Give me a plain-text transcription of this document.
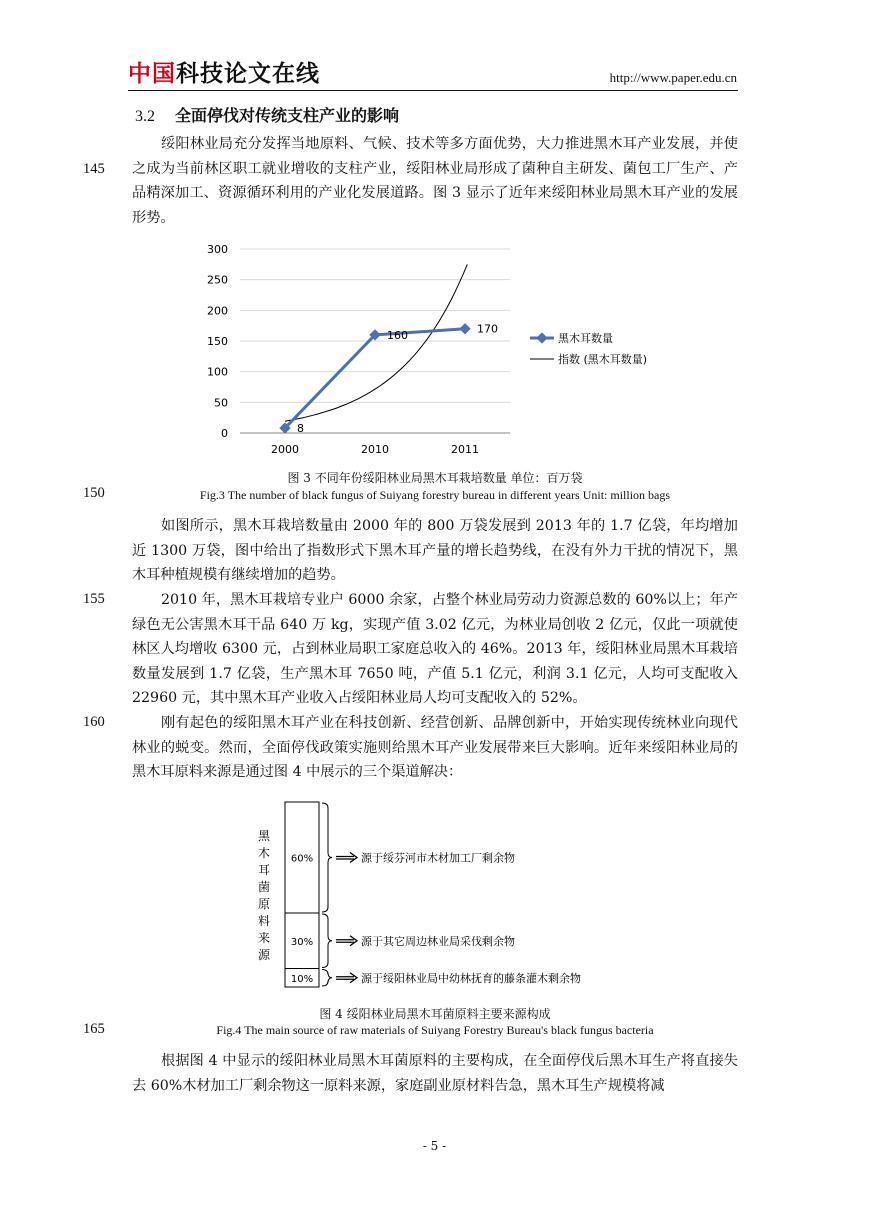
中国科技论文在线	http://www.paper.edu.cn
3.2 全面停伐对传统支柱产业的影响
绥阳林业局充分发挥当地原料、气候、技术等多方面优势，大力推进黑木耳产业发展，并使之成为当前林区职工就业增收的支柱产业，绥阳林业局形成了菌种自主研发、菌包工厂生产、产品精深加工、资源循环利用的产业化发展道路。图 3 显示了近年来绥阳林业局黑木耳产业的发展形势。
145
0
50
100
150
200
250
300
2000	2010	2011
8
160	170
黑木耳数量
指数 (黑木耳数量)
图 3 不同年份绥阳林业局黑木耳栽培数量 单位：百万袋
Fig.3 The number of black fungus of Suiyang forestry bureau in different years Unit: million bags
150
如图所示，黑木耳栽培数量由 2000 年的 800 万袋发展到 2013 年的 1.7 亿袋，年均增加近 1300 万袋，图中给出了指数形式下黑木耳产量的增长趋势线，在没有外力干扰的情况下，黑木耳种植规模有继续增加的趋势。
2010 年，黑木耳栽培专业户 6000 余家，占整个林业局劳动力资源总数的 60%以上；年产绿色无公害黑木耳干品 640 万 kg，实现产值 3.02 亿元，为林业局创收 2 亿元，仅此一项就使林区人均增收 6300 元，占到林业局职工家庭总收入的 46%。2013 年，绥阳林业局黑木耳栽培数量发展到 1.7 亿袋，生产黑木耳 7650 吨，产值 5.1 亿元，利润 3.1 亿元，人均可支配收入 22960 元，其中黑木耳产业收入占绥阳林业局人均可支配收入的 52%。
155
刚有起色的绥阳黑木耳产业在科技创新、经营创新、品牌创新中，开始实现传统林业向现代林业的蜕变。然而，全面停伐政策实施则给黑木耳产业发展带来巨大影响。近年来绥阳林业局的黑木耳原料来源是通过图 4 中展示的三个渠道解决：
160
黑木耳菌原料来源
60%
30%
10%
源于绥芬河市木材加工厂剩余物
源于其它周边林业局采伐剩余物
源于绥阳林业局中幼林抚育的藤条灌木剩余物
图 4 绥阳林业局黑木耳菌原料主要来源构成
Fig.4 The main source of raw materials of Suiyang Forestry Bureau's black fungus bacteria
165
根据图 4 中显示的绥阳林业局黑木耳菌原料的主要构成，在全面停伐后黑木耳生产将直接失去 60%木材加工厂剩余物这一原料来源，家庭副业原材料告急，黑木耳生产规模将减
- 5 -
